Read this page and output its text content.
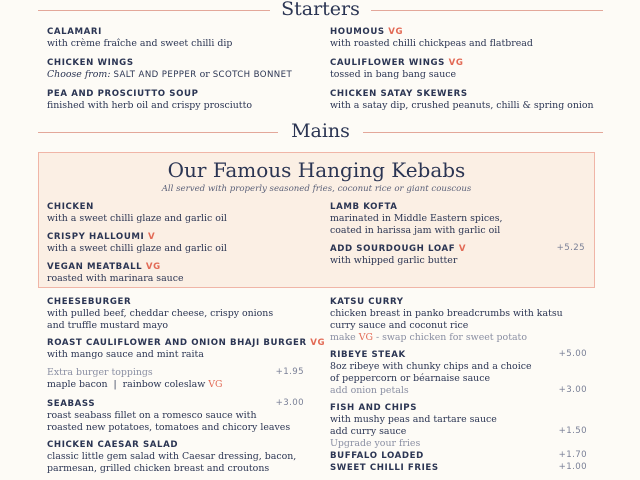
Starters
CALAMARI
with crème fraîche and sweet chilli dip
CHICKEN WINGS
Choose from: SALT AND PEPPER or SCOTCH BONNET
PEA AND PROSCIUTTO SOUP
finished with herb oil and crispy prosciutto
HOUMOUS VG
with roasted chilli chickpeas and flatbread
CAULIFLOWER WINGS VG
tossed in bang bang sauce
CHICKEN SATAY SKEWERS
with a satay dip, crushed peanuts, chilli & spring onion
Mains
Our Famous Hanging Kebabs
All served with properly seasoned fries, coconut rice or giant couscous
CHICKEN
with a sweet chilli glaze and garlic oil
CRISPY HALLOUMI V
with a sweet chilli glaze and garlic oil
VEGAN MEATBALL VG
roasted with marinara sauce
LAMB KOFTA
marinated in Middle Eastern spices,
coated in harissa jam with garlic oil
ADD SOURDOUGH LOAF V
with whipped garlic butter
+5.25
CHEESEBURGER
with pulled beef, cheddar cheese, crispy onions
and truffle mustard mayo
ROAST CAULIFLOWER AND ONION BHAJI BURGER VG
with mango sauce and mint raita
Extra burger toppings
maple bacon | rainbow coleslaw VG
+1.95
SEABASS
roast seabass fillet on a romesco sauce with
roasted new potatoes, tomatoes and chicory leaves
+3.00
CHICKEN CAESAR SALAD
classic little gem salad with Caesar dressing, bacon,
parmesan, grilled chicken breast and croutons
KATSU CURRY
chicken breast in panko breadcrumbs with katsu
curry sauce and coconut rice
make VG - swap chicken for sweet potato
RIBEYE STEAK
8oz ribeye with chunky chips and a choice
of peppercorn or béarnaise sauce
add onion petals
+5.00
+3.00
FISH AND CHIPS
with mushy peas and tartare sauce
add curry sauce
Upgrade your fries
BUFFALO LOADED
SWEET CHILLI FRIES
+1.50
+1.70
+1.00
